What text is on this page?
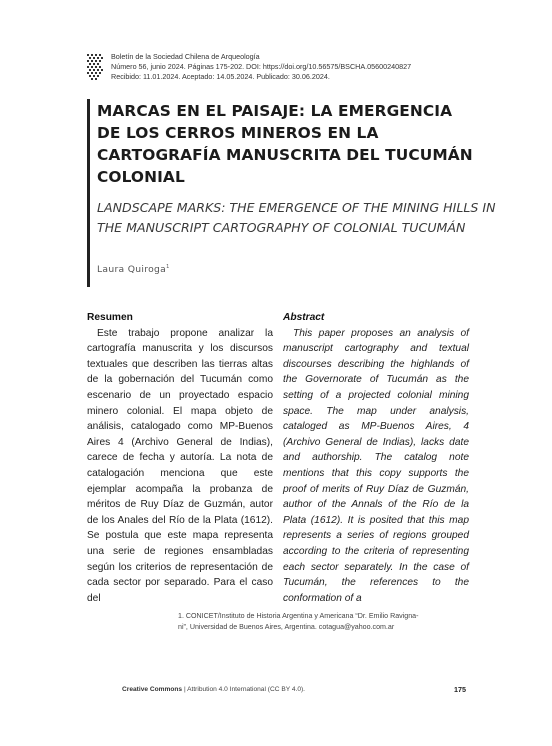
Boletín de la Sociedad Chilena de Arqueología
Número 56, junio 2024. Páginas 175-202. DOI: https://doi.org/10.56575/BSCHA.05600240827
Recibido: 11.01.2024. Aceptado: 14.05.2024. Publicado: 30.06.2024.
MARCAS EN EL PAISAJE: LA EMERGENCIA DE LOS CERROS MINEROS EN LA CARTOGRAFÍA MANUSCRITA DEL TUCUMÁN COLONIAL
LANDSCAPE MARKS: THE EMERGENCE OF THE MINING HILLS IN THE MANUSCRIPT CARTOGRAPHY OF COLONIAL TUCUMÁN
Laura Quiroga$^1$
Resumen

Este trabajo propone analizar la cartografía manuscrita y los discursos textuales que describen las tierras altas de la gobernación del Tucumán como escenario de un proyectado espacio minero colonial. El mapa objeto de análisis, catalogado como MP-Buenos Aires 4 (Archivo General de Indias), carece de fecha y autoría. La nota de catalogación menciona que este ejemplar acompaña la probanza de méritos de Ruy Díaz de Guzmán, autor de los Anales del Río de la Plata (1612). Se postula que este mapa representa una serie de regiones ensambladas según los criterios de representación de cada sector por separado. Para el caso del

Abstract

This paper proposes an analysis of manuscript cartography and textual discourses describing the highlands of the Governorate of Tucumán as the setting of a projected colonial mining space. The map under analysis, cataloged as MP-Buenos Aires, 4 (Archivo General de Indias), lacks date and authorship. The catalog note mentions that this copy supports the proof of merits of Ruy Díaz de Guzmán, author of the Annals of the Río de la Plata (1612). It is posited that this map represents a series of regions grouped according to the criteria of representing each sector separately. In the case of Tucumán, the references to the conformation of a

1. CONICET/Instituto de Historia Argentina y Americana “Dr. Emilio Ravigna-
ni”, Universidad de Buenos Aires, Argentina. cotagua@yahoo.com.ar
Creative Commons | Attribution 4.0 International (CC BY 4.0).	175
